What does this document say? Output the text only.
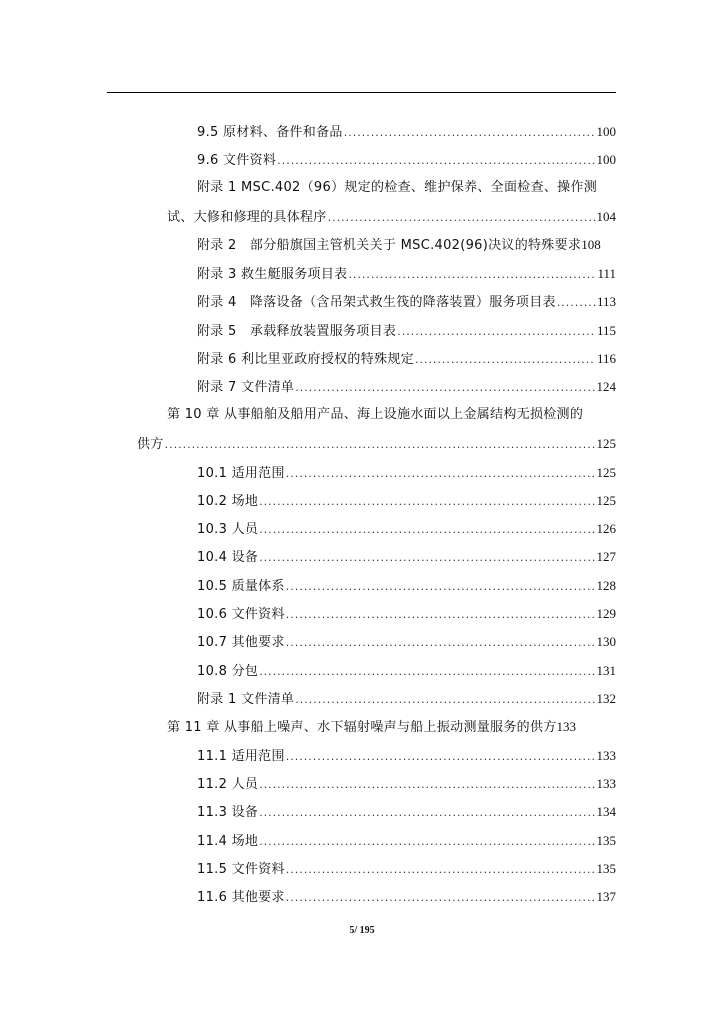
9.5 原材料、备件和备品 .....	100
9.6 文件资料 .....	100
附录 1 MSC.402（96）规定的检查、维护保养、全面检查、操作测
试、大修和修理的具体程序 .....	104
附录 2　部分船旗国主管机关关于 MSC.402(96)决议的特殊要求 108
附录 3 救生艇服务项目表 .....	111
附录 4　降落设备（含吊架式救生筏的降落装置）服务项目表 .....	113
附录 5　承载释放装置服务项目表 .....	115
附录 6 利比里亚政府授权的特殊规定 .....	116
附录 7 文件清单 .....	124
第 10 章 从事船舶及船用产品、海上设施水面以上金属结构无损检测的
供方 .....	125
10.1 适用范围 .....	125
10.2 场地 .....	125
10.3 人员 .....	126
10.4 设备 .....	127
10.5 质量体系 .....	128
10.6 文件资料 .....	129
10.7 其他要求 .....	130
10.8 分包 .....	131
附录 1 文件清单 .....	132
第 11 章 从事船上噪声、水下辐射噪声与船上振动测量服务的供方 133
11.1 适用范围 .....	133
11.2 人员 .....	133
11.3 设备 .....	134
11.4 场地 .....	135
11.5 文件资料 .....	135
11.6 其他要求 .....	137
5/ 195
